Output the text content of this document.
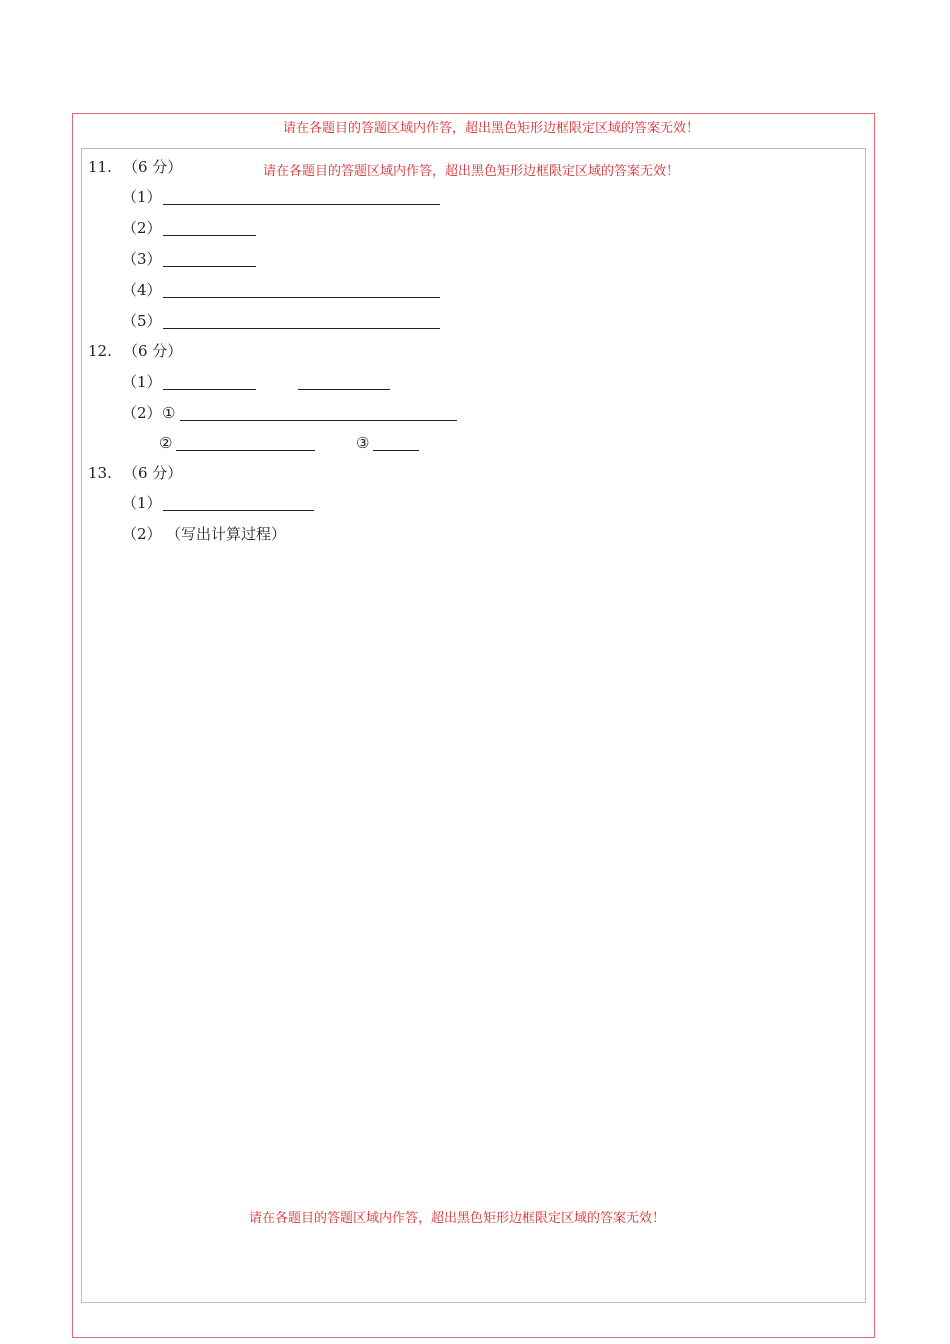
请在各题目的答题区域内作答，超出黑色矩形边框限定区域的答案无效！
请在各题目的答题区域内作答，超出黑色矩形边框限定区域的答案无效！
请在各题目的答题区域内作答，超出黑色矩形边框限定区域的答案无效！
11. （6 分）
（1）
（2）
（3）
（4）
（5）
12. （6 分）
（1）
（2） ①
②	③
13. （6 分）
（1）
（2） （写出计算过程）
